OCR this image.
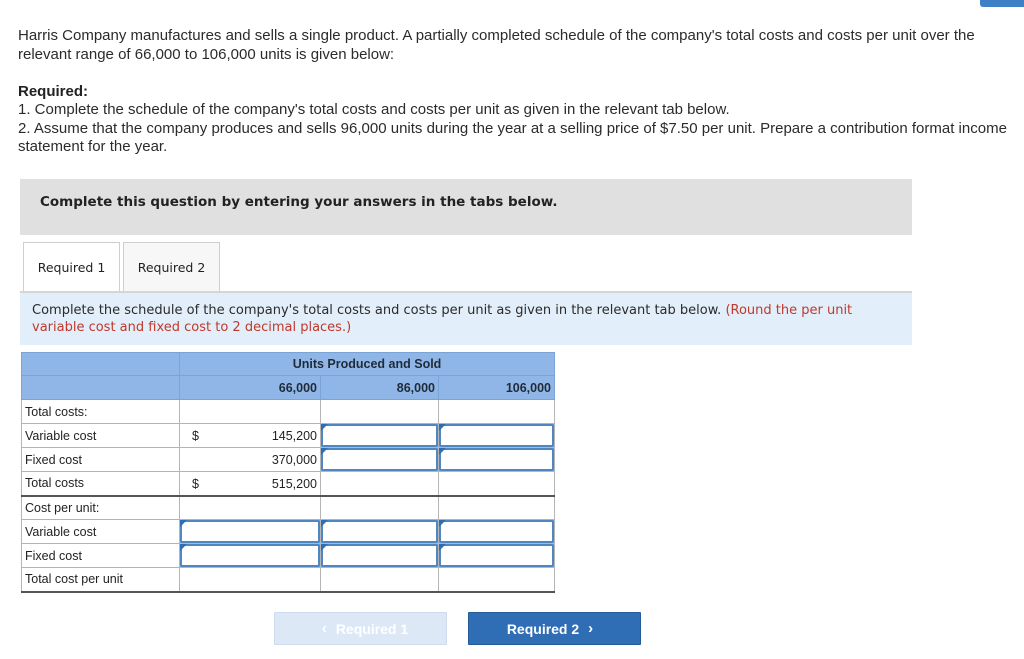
Harris Company manufactures and sells a single product. A partially completed schedule of the company's total costs and costs per unit over the relevant range of 66,000 to 106,000 units is given below:

Required:

1. Complete the schedule of the company's total costs and costs per unit as given in the relevant tab below.

2. Assume that the company produces and sells 96,000 units during the year at a selling price of $7.50 per unit. Prepare a contribution format income statement for the year.

Complete this question by entering your answers in the tabs below.
Required 1	Required 2
Complete the schedule of the company's total costs and costs per unit as given in the relevant tab below. (Round the per unit variable cost and fixed cost to 2 decimal places.)
	Units Produced and Sold		
	66,000	86,000	106,000
Total costs:			
Variable cost	$ 145,200		

Fixed cost	370,000	

Total costs	$ 515,200		

Cost per unit:			
Variable cost	

Fixed cost	

Total cost per unit			
‹ Required 1	Required 2 ›
